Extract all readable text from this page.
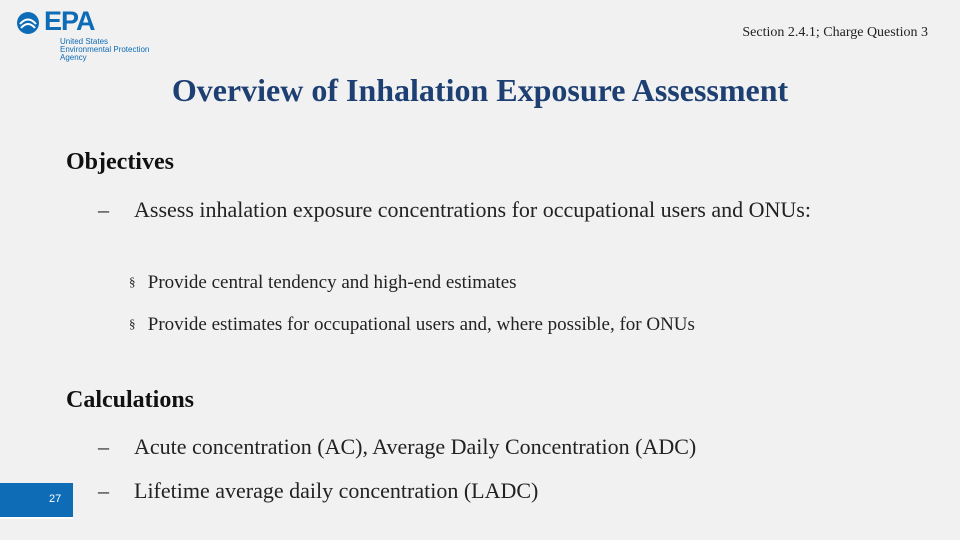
EPA
United States
Environmental Protection
Agency
Section 2.4.1; Charge Question 3
Overview of Inhalation Exposure Assessment
Objectives
–	Assess inhalation exposure concentrations for occupational users and ONUs:
§ Provide central tendency and high-end estimates
§ Provide estimates for occupational users and, where possible, for ONUs
Calculations
–	Acute concentration (AC), Average Daily Concentration (ADC)
–	Lifetime average daily concentration (LADC)
27
